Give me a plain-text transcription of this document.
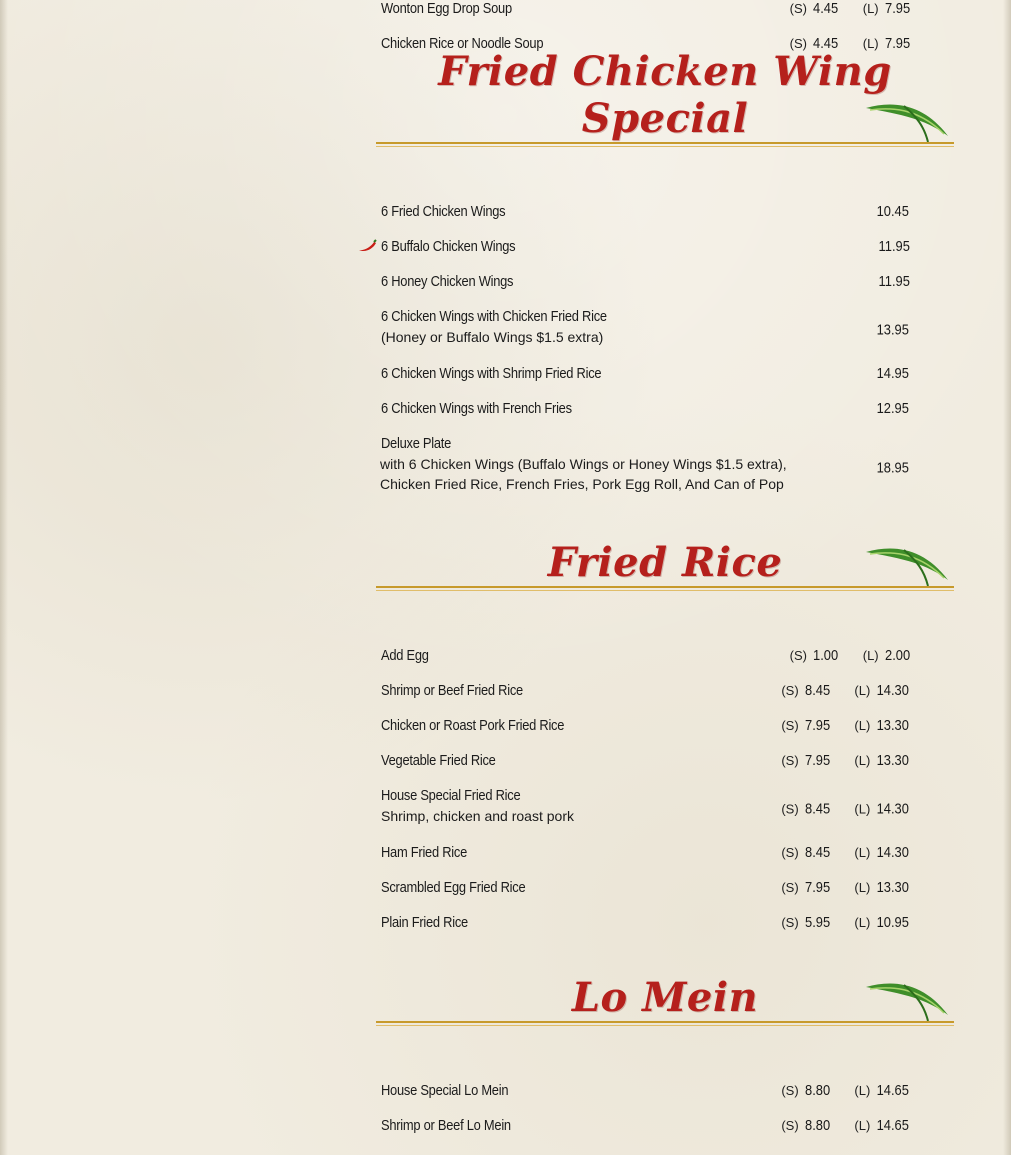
Wonton Egg Drop Soup	(S) 4.45 (L) 7.95
Chicken Rice or Noodle Soup	(S) 4.45 (L) 7.95
Fried Chicken Wing Special
6 Fried Chicken Wings	10.45
6 Buffalo Chicken Wings	11.95
6 Honey Chicken Wings	11.95
6 Chicken Wings with Chicken Fried Rice
(Honey or Buffalo Wings $1.5 extra)	13.95
6 Chicken Wings with Shrimp Fried Rice	14.95
6 Chicken Wings with French Fries	12.95
Deluxe Plate
with 6 Chicken Wings (Buffalo Wings or Honey Wings $1.5 extra),
Chicken Fried Rice, French Fries, Pork Egg Roll, And Can of Pop
18.95
Fried Rice
Add Egg	(S) 1.00 (L) 2.00
Shrimp or Beef Fried Rice	(S) 8.45 (L) 14.30
Chicken or Roast Pork Fried Rice	(S) 7.95 (L) 13.30
Vegetable Fried Rice	(S) 7.95 (L) 13.30
House Special Fried Rice
Shrimp, chicken and roast pork	(S) 8.45 (L) 14.30
Ham Fried Rice	(S) 8.45 (L) 14.30
Scrambled Egg Fried Rice	(S) 7.95 (L) 13.30
Plain Fried Rice	(S) 5.95 (L) 10.95
Lo Mein
House Special Lo Mein	(S) 8.80 (L) 14.65
Shrimp or Beef Lo Mein	(S) 8.80 (L) 14.65
